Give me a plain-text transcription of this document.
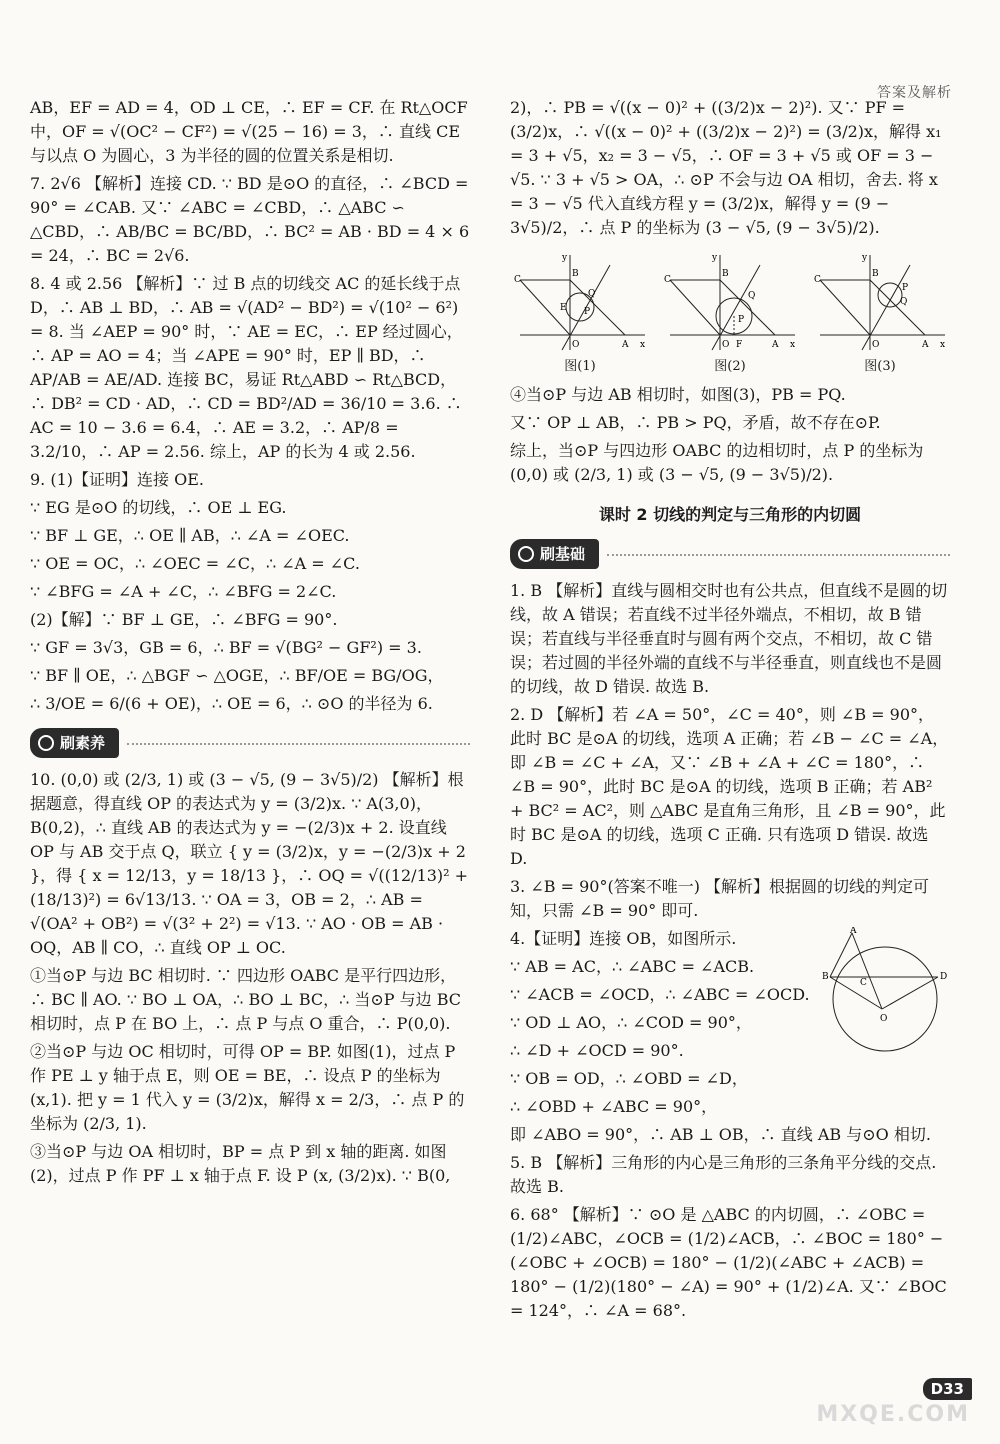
答案及解析

AB，EF = AD = 4，OD ⊥ CE，∴ EF = CF. 在 Rt△OCF 中，OF = √(OC² − CF²) = √(25 − 16) = 3，∴ 直线 CE 与以点 O 为圆心，3 为半径的圆的位置关系是相切.

7. 2√6 【解析】连接 CD. ∵ BD 是⊙O 的直径，∴ ∠BCD = 90° = ∠CAB. 又∵ ∠ABC = ∠CBD，∴ △ABC ∽ △CBD，∴ AB/BC = BC/BD，∴ BC² = AB · BD = 4 × 6 = 24，∴ BC = 2√6.

8. 4 或 2.56 【解析】∵ 过 B 点的切线交 AC 的延长线于点 D，∴ AB ⊥ BD，∴ AB = √(AD² − BD²) = √(10² − 6²) = 8. 当 ∠AEP = 90° 时，∵ AE = EC，∴ EP 经过圆心，∴ AP = AO = 4；当 ∠APE = 90° 时，EP ∥ BD，∴ AP/AB = AE/AD. 连接 BC，易证 Rt△ABD ∽ Rt△BCD，∴ DB² = CD · AD，∴ CD = BD²/AD = 36/10 = 3.6. ∴ AC = 10 − 3.6 = 6.4，∴ AE = 3.2，∴ AP/8 = 3.2/10，∴ AP = 2.56. 综上，AP 的长为 4 或 2.56.

9. (1)【证明】连接 OE.

∵ EG 是⊙O 的切线，∴ OE ⊥ EG.

∵ BF ⊥ GE，∴ OE ∥ AB，∴ ∠A = ∠OEC.

∵ OE = OC，∴ ∠OEC = ∠C，∴ ∠A = ∠C.

∵ ∠BFG = ∠A + ∠C，∴ ∠BFG = 2∠C.

(2)【解】∵ BF ⊥ GE，∴ ∠BFG = 90°.

∵ GF = 3√3，GB = 6，∴ BF = √(BG² − GF²) = 3.

∵ BF ∥ OE，∴ △BGF ∽ △OGE，∴ BF/OE = BG/OG，

∴ 3/OE = 6/(6 + OE)，∴ OE = 6，∴ ⊙O 的半径为 6.

刷素养

10. (0,0) 或 (2/3, 1) 或 (3 − √5, (9 − 3√5)/2) 【解析】根据题意，得直线 OP 的表达式为 y = (3/2)x. ∵ A(3,0)，B(0,2)，∴ 直线 AB 的表达式为 y = −(2/3)x + 2. 设直线 OP 与 AB 交于点 Q，联立 { y = (3/2)x，y = −(2/3)x + 2 }，得 { x = 12/13，y = 18/13 }，∴ OQ = √((12/13)² + (18/13)²) = 6√13/13. ∵ OA = 3，OB = 2，∴ AB = √(OA² + OB²) = √(3² + 2²) = √13. ∵ AO · OB = AB · OQ，AB ∥ CO，∴ 直线 OP ⊥ OC.

①当⊙P 与边 BC 相切时. ∵ 四边形 OABC 是平行四边形，∴ BC ∥ AO. ∵ BO ⊥ OA，∴ BO ⊥ BC，∴ 当⊙P 与边 BC 相切时，点 P 在 BO 上，∴ 点 P 与点 O 重合，∴ P(0,0).

②当⊙P 与边 OC 相切时，可得 OP = BP. 如图(1)，过点 P 作 PE ⊥ y 轴于点 E，则 OE = BE，∴ 设点 P 的坐标为 (x,1). 把 y = 1 代入 y = (3/2)x，解得 x = 2/3，∴ 点 P 的坐标为 (2/3, 1).

③当⊙P 与边 OA 相切时，BP = 点 P 到 x 轴的距离. 如图(2)，过点 P 作 PF ⊥ x 轴于点 F. 设 P (x, (3/2)x). ∵ B(0,

2)，∴ PB = √((x − 0)² + ((3/2)x − 2)²). 又∵ PF = (3/2)x，∴ √((x − 0)² + ((3/2)x − 2)²) = (3/2)x，解得 x₁ = 3 + √5，x₂ = 3 − √5，∴ OF = 3 + √5 或 OF = 3 − √5. ∵ 3 + √5 > OA，∴ ⊙P 不会与边 OA 相切，舍去. 将 x = 3 − √5 代入直线方程 y = (3/2)x，解得 y = (9 − 3√5)/2，∴ 点 P 的坐标为 (3 − √5, (9 − 3√5)/2).

B
C
O	A x
y
Q
P
E
图(1)
B
C
O F	A x
y
Q
P
图(2)
B
C
O	A x
y
P
Q
图(3)

④当⊙P 与边 AB 相切时，如图(3)，PB = PQ.

又∵ OP ⊥ AB，∴ PB > PQ，矛盾，故不存在⊙P.

综上，当⊙P 与四边形 OABC 的边相切时，点 P 的坐标为 (0,0) 或 (2/3, 1) 或 (3 − √5, (9 − 3√5)/2).

课时 2 切线的判定与三角形的内切圆
刷基础

1. B 【解析】直线与圆相交时也有公共点，但直线不是圆的切线，故 A 错误；若直线不过半径外端点，不相切，故 B 错误；若直线与半径垂直时与圆有两个交点，不相切，故 C 错误；若过圆的半径外端的直线不与半径垂直，则直线也不是圆的切线，故 D 错误. 故选 B.

2. D 【解析】若 ∠A = 50°，∠C = 40°，则 ∠B = 90°，此时 BC 是⊙A 的切线，选项 A 正确；若 ∠B − ∠C = ∠A，即 ∠B = ∠C + ∠A，又∵ ∠B + ∠A + ∠C = 180°，∴ ∠B = 90°，此时 BC 是⊙A 的切线，选项 B 正确；若 AB² + BC² = AC²，则 △ABC 是直角三角形，且 ∠B = 90°，此时 BC 是⊙A 的切线，选项 C 正确. 只有选项 D 错误. 故选 D.

3. ∠B = 90°(答案不唯一) 【解析】根据圆的切线的判定可知，只需 ∠B = 90° 即可.

A
B
C
D
O

4.【证明】连接 OB，如图所示.

∵ AB = AC，∴ ∠ABC = ∠ACB.

∵ ∠ACB = ∠OCD，∴ ∠ABC = ∠OCD.

∵ OD ⊥ AO，∴ ∠COD = 90°，

∴ ∠D + ∠OCD = 90°.

∵ OB = OD，∴ ∠OBD = ∠D，

∴ ∠OBD + ∠ABC = 90°，

即 ∠ABO = 90°，∴ AB ⊥ OB，∴ 直线 AB 与⊙O 相切.

5. B 【解析】三角形的内心是三角形的三条角平分线的交点. 故选 B.

6. 68° 【解析】∵ ⊙O 是 △ABC 的内切圆，∴ ∠OBC = (1/2)∠ABC，∠OCB = (1/2)∠ACB，∴ ∠BOC = 180° − (∠OBC + ∠OCB) = 180° − (1/2)(∠ABC + ∠ACB) = 180° − (1/2)(180° − ∠A) = 90° + (1/2)∠A. 又∵ ∠BOC = 124°，∴ ∠A = 68°.

D33
MXQE.COM
